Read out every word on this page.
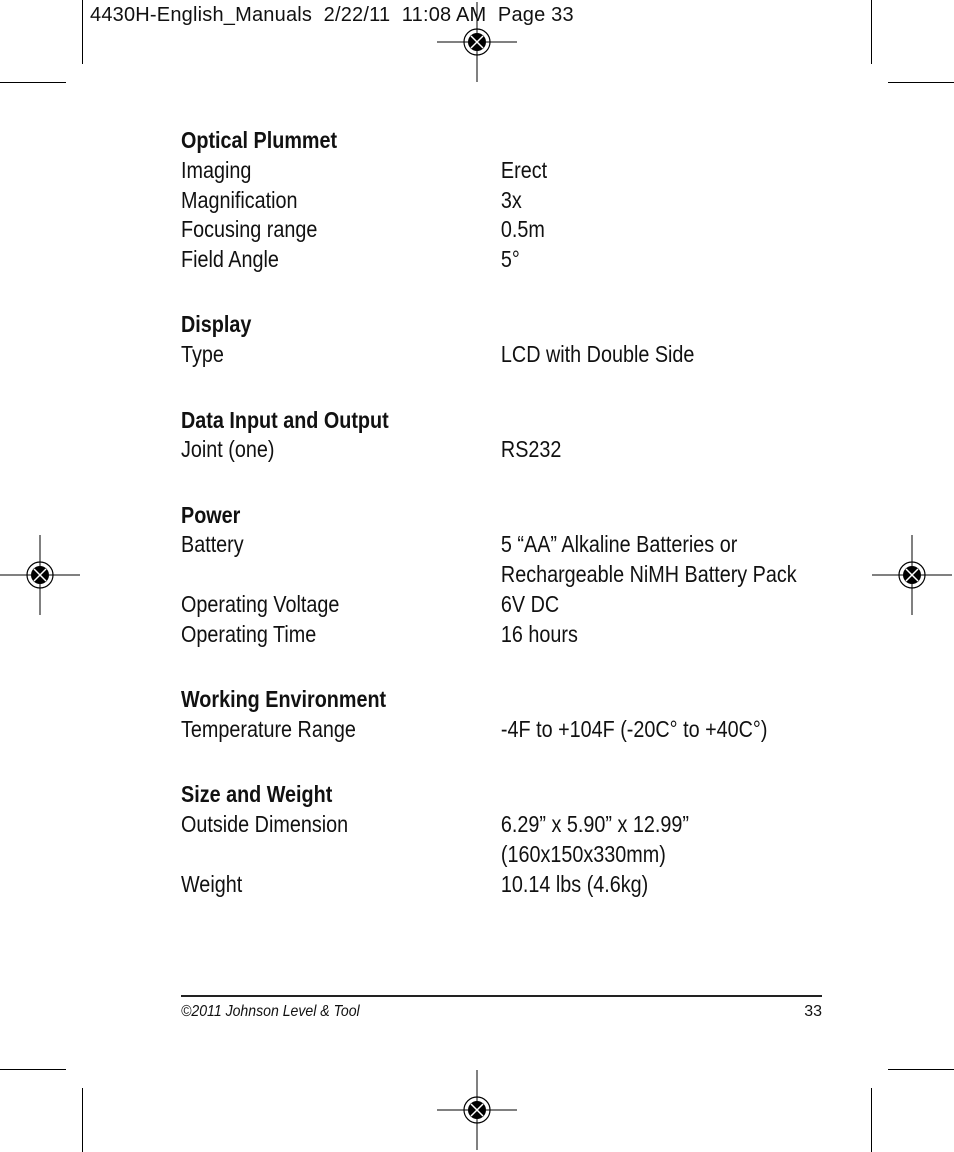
4430H-English_Manuals  2/22/11  11:08 AM  Page 33
Optical Plummet
Imaging	Erect
Magnification	3x
Focusing range	0.5m
Field Angle	5°
Display
Type	LCD with Double Side
Data Input and Output
Joint (one)	RS232
Power
Battery	5 “AA” Alkaline Batteries or
Rechargeable NiMH Battery Pack
Operating Voltage	6V DC
Operating Time	16 hours
Working Environment
Temperature Range	-4F to +104F (-20C° to +40C°)
Size and Weight
Outside Dimension	6.29” x 5.90” x 12.99”
(160x150x330mm)
Weight	10.14 lbs (4.6kg)
©2011 Johnson Level & Tool	33
